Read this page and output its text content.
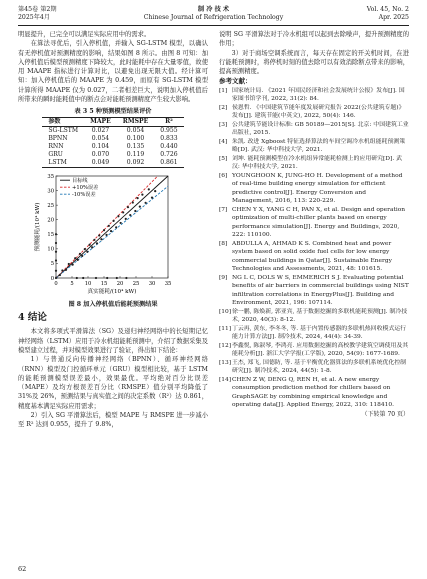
第45卷 第2期
2025年4月
制 冷 技 术
Chinese Journal of Refrigeration Technology
Vol. 45, No. 2
Apr. 2025

明显提升，已完全可以满足实际应用中的需求。

在算法寻优后，引入停机值，并输入 SG-LSTM 模型，以确认有无停机值对预测精度的影响，结果如图 8 所示。由图 8 可知：加入停机值后模型预测精度下降较大，此时能耗中存在大量零值，故使用 MAAPE 指标进行计算对比，以避免出现无限大值。经计算可知：加入停机值后的 MAAPE 为 0.459，而原有 SG-LSTM 模型计算所得 MAAPE 仅为 0.027，二者相差巨大，说明加入停机值后所带来的瞬时能耗值中的断点会对能耗预测精度产生较大影响。

表 3 5 种预测模型结果评价
参数	MAPE	RMSPE	R²
SG-LSTM	0.027	0.054	0.955
BPNN	0.054	0.100	0.833
RNN	0.104	0.135	0.440
GRU	0.070	0.119	0.726
LSTM	0.049	0.092	0.861
0 5 10 15 20 25 30 35
0
5
10
15
20
25
30
35
真实能耗/(10⁴ kW)
预测能耗/(10⁴ kW)
目标线
+10%误差
-10%误差
图 8 加入停机值后能耗预测结果
4 结论

本文将多项式平滑算法（SG）及递归神经网络中的长短期记忆神经网络（LSTM）应用于冷水机组能耗预测中，介绍了数据采集及模型建立过程，并对模型效果进行了验证，得出如下结论：

1）与普通反向传播神经网络（BPNN）、循环神经网络（RNN）模型及门控循环单元（GRU）模型相比较，基于 LSTM 的能耗预测模型误差最小，效果最优。平均绝对百分比误差（MAPE）及均方根误差百分比（RMSPE）值分别平均降低了 31%及 26%，预测结果与真实值之间的决定系数（R²）达 0.861，精度基本满足实际应用需求；

2）引入 SG 平滑算法后，模型 MAPE 与 RMSPE 进一步减小至 R² 达到 0.955，提升了 9.8%，

说明 SG 平滑算法对于冷水机组可以起到去除噪声，提升预测精度的作用；

3）对于商场空调系统而言，每天存在固定的开关机时间，在进行能耗预测时，将停机时刻的值去除可以有效消除断点带来的影响，提高预测精度。

参考文献：
[1] 国家统计局. 《2021 年国民经济和社会发展统计公报》发布[J]. 国家图书馆学刊, 2022, 31(2): 84.
[2] 侯恩哲. 《中国建筑节能年度发展研究报告 2022(公共建筑专题)》发布[J]. 建筑节能(中英文), 2022, 50(4): 146.
[3] 公共建筑节能设计标准: GB 50189—2015[S]. 北京: 中国建筑工业出版社, 2015.
[4] 朱凯. 改进 Xgboost 特征选择算法的车间空调冷水机组能耗预测策略[D]. 武汉: 华中科技大学, 2021.
[5] 刘坤. 能耗预测模型在冷水机组异常能耗检测上的应用研究[D]. 武汉: 华中科技大学, 2021.
[6] YOUNGHOON K, JUNG-HO H. Development of a method of real-time building energy simulation for efficient predictive control[J]. Energy Conversion and Management, 2016, 113: 220-229.
[7] CHEN Y X, YANG C H, PAN X, et al. Design and operation optimization of multi-chiller plants based on energy performance simulation[J]. Energy and Buildings, 2020, 222: 110100.
[8] ABDULLA A, AHMAD K S. Combined heat and power system based on solid oxide fuel cells for low energy commercial buildings in Qatar[J]. Sustainable Energy Technologies and Assessments, 2021, 48: 101615.
[9] NG L C, DOLS W S, EMMERICH S J. Evaluating potential benefits of air barriers in commercial buildings using NIST infiltration correlations in EnergyPlus[J]. Building and Environment, 2021, 196: 107114.
[10] 徐一鹏, 陈焕新, 郭亚宾, 基于数据挖掘的多联机能耗预测[J]. 制冷技术, 2020, 40(3): 8-12.
[11] 丁云再, 黄东, 李冬冬, 等. 基于内置传感器的多联机热回收模式运行能力计算方法[J]. 制冷技术, 2024, 44(4): 34-39.
[12] 李鑫悦, 陈淑琴, 李鸿亮. 应用数据挖掘的高校教学建筑空调使用及其能耗分析[J]. 浙江大学学报(工学版), 2020, 54(9): 1677-1689.
[13] 王杰, 郑飞, 国德防, 等. 基于平衡优化器算法的多联机系统优化控制研究[J]. 制冷技术, 2024, 44(5): 1-8.
[14] CHEN Z W, DENG Q, REN H, et al. A new energy consumption prediction method for chillers based on GraphSAGE by combining empirical knowledge and operating data[J]. Applied Energy, 2022, 310: 118410.
（下转第 70 页）
62
